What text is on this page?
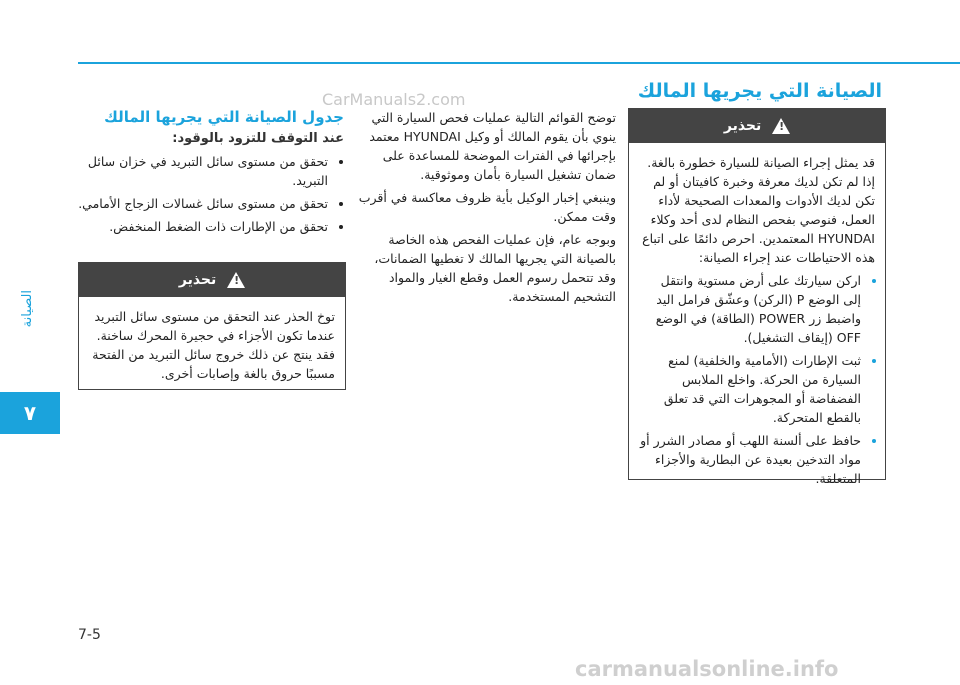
الصيانة
٧
الصيانة التي يجريها المالك
CarManuals2.com
جدول الصيانة التي يجريها المالك
عند التوقف للتزود بالوقود:
• تحقق من مستوى سائل التبريد في خزان سائل التبريد.
• تحقق من مستوى سائل غسالات الزجاج الأمامي.
• تحقق من الإطارات ذات الضغط المنخفض.
!
تحذير
توخ الحذر عند التحقق من مستوى سائل التبريد عندما تكون الأجزاء في حجيرة المحرك ساخنة. فقد ينتج عن ذلك خروج سائل التبريد من الفتحة مسببًا حروق بالغة وإصابات أخرى.

توضح القوائم التالية عمليات فحص السيارة التي ينوي بأن يقوم المالك أو وكيل HYUNDAI معتمد بإجرائها في الفترات الموضحة للمساعدة على ضمان تشغيل السيارة بأمان وموثوقية.

وينبغي إخبار الوكيل بأية ظروف معاكسة في أقرب وقت ممكن.

وبوجه عام، فإن عمليات الفحص هذه الخاصة بالصيانة التي يجريها المالك لا تغطيها الضمانات، وقد تتحمل رسوم العمل وقطع الغيار والمواد التشحيم المستخدمة.

!
تحذير

قد يمثل إجراء الصيانة للسيارة خطورة بالغة. إذا لم تكن لديك معرفة وخبرة كافيتان أو لم تكن لديك الأدوات والمعدات الصحيحة لأداء العمل، فنوصي بفحص النظام لدى أحد وكلاء HYUNDAI المعتمدين. احرص دائمًا على اتباع هذه الاحتياطات عند إجراء الصيانة:

• اركن سيارتك على أرض مستوية وانتقل إلى الوضع P (الركن) وعشّق فرامل اليد واضبط زر POWER (الطاقة) في الوضع OFF (إيقاف التشغيل).
• ثبت الإطارات (الأمامية والخلفية) لمنع السيارة من الحركة. واخلع الملابس الفضفاضة أو المجوهرات التي قد تعلق بالقطع المتحركة.
• حافظ على ألسنة اللهب أو مصادر الشرر أو مواد التدخين بعيدة عن البطارية والأجزاء المتعلقة.
7-5
carmanualsonline.info
